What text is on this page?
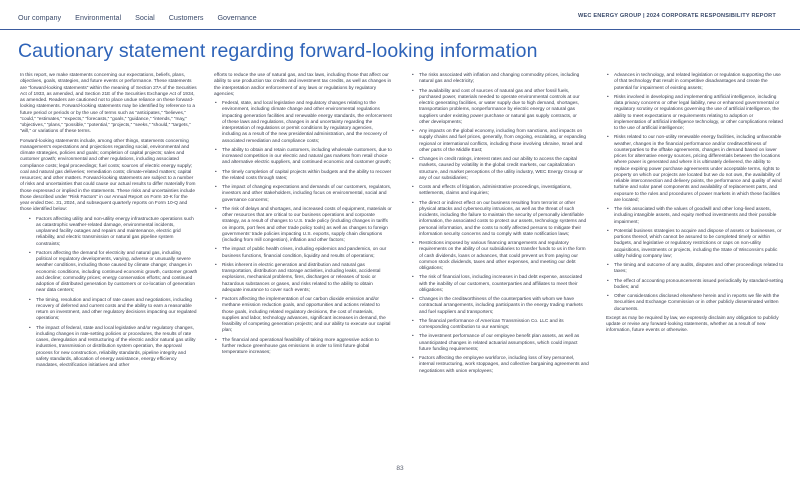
Our company Environmental Social Customers Governance	WEC ENERGY GROUP | 2024 CORPORATE RESPONSIBILITY REPORT
Cautionary statement regarding forward-looking information

In this report, we make statements concerning our expectations, beliefs, plans, objectives, goals, strategies, and future events or performance. These statements are “forward-looking statements” within the meaning of Section 27A of the Securities Act of 1933, as amended, and Section 21E of the Securities Exchange Act of 1934, as amended. Readers are cautioned not to place undue reliance on these forward-looking statements. Forward-looking statements may be identified by reference to a future period or periods or by the use of terms such as “anticipates,” “believes,” “could,” “estimates,” “expects,” “forecasts,” “goals,” “guidance,” “intends,” “may,” “objectives,” “plans,” “possible,” “potential,” “projects,” “seeks,” “should,” “targets,” “will,” or variations of these terms.

Forward-looking statements include, among other things, statements concerning management’s expectations and projections regarding social, environmental and climate strategies, policies and goals; completion of capital projects; sales and customer growth; environmental and other regulations, including associated compliance costs; legal proceedings; fuel costs; sources of electric energy supply; coal and natural gas deliveries; remediation costs; climate-related matters; capital resources; and other matters. Forward-looking statements are subject to a number of risks and uncertainties that could cause our actual results to differ materially from those expressed or implied in the statements. These risks and uncertainties include those described under “Risk Factors” in our Annual Report on Form 10-K for the year ended Dec. 31, 2024, and subsequent quarterly reports on Form 10-Q and those identified below:

• Factors affecting utility and non-utility energy infrastructure operations such as catastrophic weather-related damage, environmental incidents, unplanned facility outages and repairs and maintenance, electric grid reliability, and electric transmission or natural gas pipeline system constraints;
• Factors affecting the demand for electricity and natural gas, including political or regulatory developments, varying, adverse or unusually severe weather conditions, including those caused by climate change; changes in economic conditions, including continued economic growth, customer growth and decline; commodity prices; energy conservation efforts; and continued adoption of distributed generation by customers or co-location of generation near data centers;
• The timing, resolution and impact of rate cases and negotiations, including recovery of deferred and current costs and the ability to earn a reasonable return on investment, and other regulatory decisions impacting our regulated operations;
• The impact of federal, state and local legislative and/or regulatory changes, including changes in rate-setting policies or procedures, the results of rate cases, deregulation and restructuring of the electric and/or natural gas utility industries, transmission or distribution system operation, the approval process for new construction, reliability standards, pipeline integrity and safety standards, allocation of energy assistance, energy efficiency mandates, electrification initiatives and other

efforts to reduce the use of natural gas, and tax laws, including those that affect our ability to use production tax credits and investment tax credits, as well as changes in the interpretation and/or enforcement of any laws or regulations by regulatory agencies;

• Federal, state, and local legislative and regulatory changes relating to the environment, including climate change and other environmental regulations impacting generation facilities and renewable energy standards, the enforcement of these laws and regulations, changes in and uncertainty regarding the interpretation of regulations or permit conditions by regulatory agencies, including as a result of the new presidential administration, and the recovery of associated remediation and compliance costs;
• The ability to obtain and retain customers, including wholesale customers, due to increased competition in our electric and natural gas markets from retail choice and alternative electric suppliers, and continued economic and customer growth;
• The timely completion of capital projects within budgets and the ability to recover the related costs through rates;
• The impact of changing expectations and demands of our customers, regulators, investors and other stakeholders, including focus on environmental, social and governance concerns;
• The risk of delays and shortages, and increased costs of equipment, materials or other resources that are critical to our business operations and corporate strategy, as a result of changes to U.S. trade policy (including changes in tariffs on imports, port fees and other trade policy tools) as well as changes to foreign governments’ trade policies impacting U.S. exports, supply chain disruptions (including from mill congestion), inflation and other factors;
• The impact of public health crises, including epidemics and pandemics, on our business functions, financial condition, liquidity and results of operations;
• Risks inherent in electric generation and distribution and natural gas transportation, distribution and storage activities, including leaks, accidental explosions, mechanical problems, fires, discharges or releases of toxic or hazardous substances or gases, and risks related to the ability to obtain adequate insurance to cover such events;
• Factors affecting the implementation of our carbon dioxide emission and/or methane emission reduction goals, and opportunities and actions related to those goals, including related regulatory decisions, the cost of materials, supplies and labor, technology advances, significant increases in demand, the feasibility of competing generation projects; and our ability to execute our capital plan;
• The financial and operational feasibility of taking more aggressive action to further reduce greenhouse gas emissions in order to limit future global temperature increases;
• The risks associated with inflation and changing commodity prices, including natural gas and electricity;
• The availability and cost of sources of natural gas and other fossil fuels, purchased power, materials needed to operate environmental controls at our electric generating facilities, or water supply due to high demand, shortages, transportation problems, nonperformance by electric energy or natural gas suppliers under existing power purchase or natural gas supply contracts, or other developments;
• Any impacts on the global economy, including from sanctions, and impacts on supply chains and fuel prices, generally, from ongoing, escalating, or expanding regional or international conflicts, including those involving Ukraine, Israel and other parts of the Middle East;
• Changes in credit ratings, interest rates and our ability to access the capital markets, caused by volatility in the global credit markets, our capitalization structure, and market perceptions of the utility industry, WEC Energy Group or any of our subsidiaries;
• Costs and effects of litigation, administrative proceedings, investigations, settlements, claims and inquiries;
• The direct or indirect effect on our business resulting from terrorist or other physical attacks and cybersecurity intrusions, as well as the threat of such incidents, including the failure to maintain the security of personally identifiable information, the associated costs to protect our assets, technology systems and personal information, and the costs to notify affected persons to mitigate their information security concerns and to comply with state notification laws;
• Restrictions imposed by various financing arrangements and regulatory requirements on the ability of our subsidiaries to transfer funds to us in the form of cash dividends, loans or advances, that could prevent us from paying our common stock dividends, taxes and other expenses, and meeting our debt obligations;
• The risk of financial loss, including increases in bad debt expense, associated with the inability of our customers, counterparties and affiliates to meet their obligations;
• Changes in the creditworthiness of the counterparties with whom we have contractual arrangements, including participants in the energy trading markets and fuel suppliers and transporters;
• The financial performance of American Transmission Co. LLC and its corresponding contribution to our earnings;
• The investment performance of our employee benefit plan assets, as well as unanticipated changes in related actuarial assumptions, which could impact future funding requirements;
• Factors affecting the employee workforce, including loss of key personnel, internal restructuring, work stoppages, and collective bargaining agreements and negotiations with union employees;
• Advances in technology, and related legislation or regulation supporting the use of that technology that result in competitive disadvantages and create the potential for impairment of existing assets;
• Risks involved in developing and implementing artificial intelligence, including data privacy concerns or other legal liability, new or enhanced governmental or regulatory scrutiny or regulations governing the use of artificial intelligence, the ability to meet expectations or requirements relating to adoption or implementation of artificial intelligence technology, or other complications related to the use of artificial intelligence;
• Risks related to our non-utility renewable energy facilities, including unfavorable weather, changes in the financial performance and/or creditworthiness of counterparties to the offtake agreements, changes in demand based on lower prices for alternative energy sources, pricing differentials between the locations where power is generated and where it is ultimately delivered, the ability to replace expiring power purchase agreements under acceptable terms, rights to property on which our projects are located but we do not own, the availability of reliable interconnection and delivery points, the performance and quality of wind turbine and solar panel components and availability of replacement parts, and exposure to the rules and procedures of power markets in which these facilities are located;
• The risk associated with the values of goodwill and other long-lived assets, including intangible assets, and equity method investments and their possible impairment;
• Potential business strategies to acquire and dispose of assets or businesses, or portions thereof, which cannot be assured to be completed timely or within budgets, and legislative or regulatory restrictions or caps on non-utility acquisitions, investments or projects, including the State of Wisconsin’s public utility holding company law;
• The timing and outcome of any audits, disputes and other proceedings related to taxes;
• The effect of accounting pronouncements issued periodically by standard-setting bodies; and
• Other considerations disclosed elsewhere herein and in reports we file with the Securities and Exchange Commission or in other publicly disseminated written documents.

Except as may be required by law, we expressly disclaim any obligation to publicly update or revise any forward-looking statements, whether as a result of new information, future events or otherwise.

83
